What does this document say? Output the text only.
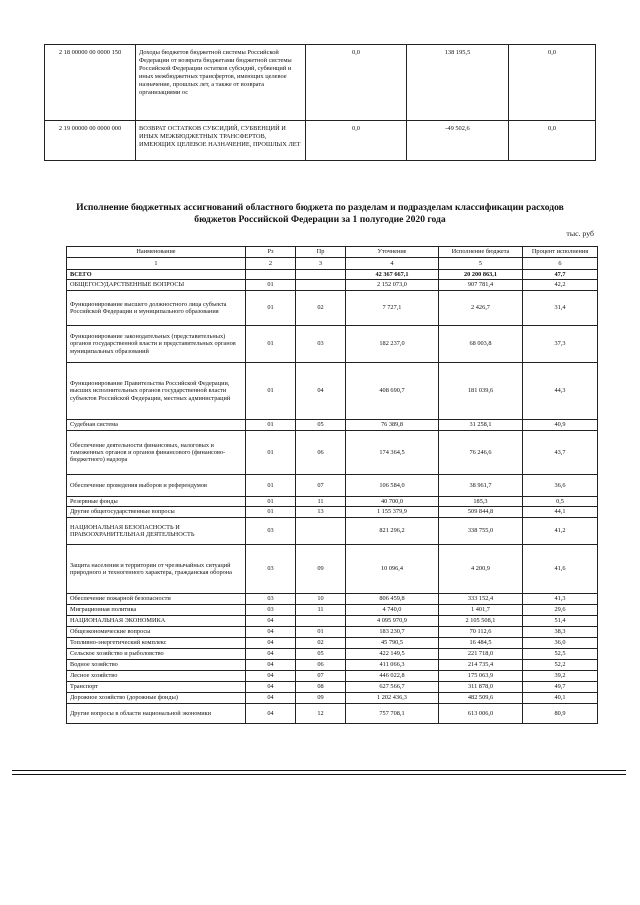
2 18 00000 00 0000 150	Доходы бюджетов бюджетной системы Российской Федерации от возврата бюджетами бюджетной системы Российской Федерации остатков субсидий, субвенций и иных межбюджетных трансфертов, имеющих целевое назначение, прошлых лет, а также от возврата организациями ос	0,0	138 195,5	0,0
2 19 00000 00 0000 000	ВОЗВРАТ ОСТАТКОВ СУБСИДИЙ, СУБВЕНЦИЙ И ИНЫХ МЕЖБЮДЖЕТНЫХ ТРАНСФЕРТОВ, ИМЕЮЩИХ ЦЕЛЕВОЕ НАЗНАЧЕНИЕ, ПРОШЛЫХ ЛЕТ	0,0	-49 502,6	0,0
Исполнение бюджетных ассигнований областного бюджета по разделам и подразделам классификации расходов бюджетов Российской Федерации за 1 полугодие 2020 года
тыс. руб
Наименование	Рз	Пр	Уточнение	Исполнение бюджета	Процент исполнения
1	2	3	4	5	6
ВСЕГО			42 367 667,1	20 200 863,1	47,7
ОБЩЕГОСУДАРСТВЕННЫЕ ВОПРОСЫ	01		2 152 073,0	907 781,4	42,2
Функционирование высшего должностного лица субъекта Российской Федерации и муниципального образования	01	02	7 727,1	2 426,7	31,4
Функционирование законодательных (представительных) органов государственной власти и представительных органов муниципальных образований	01	03	182 237,0	68 003,8	37,3
Функционирование Правительства Российской Федерации, высших исполнительных органов государственной власти субъектов Российской Федерации, местных администраций	01	04	408 690,7	181 039,6	44,3
Судебная система	01	05	76 389,8	31 258,1	40,9
Обеспечение деятельности финансовых, налоговых и таможенных органов и органов финансового (финансово-бюджетного) надзора	01	06	174 364,5	76 246,6	43,7
Обеспечение проведения выборов и референдумов	01	07	106 584,0	38 961,7	36,6
Резервные фонды	01	11	40 700,0	185,3	0,5
Другие общегосударственные вопросы	01	13	1 155 379,9	509 844,8	44,1
НАЦИОНАЛЬНАЯ БЕЗОПАСНОСТЬ И ПРАВООХРАНИТЕЛЬНАЯ ДЕЯТЕЛЬНОСТЬ	03		821 296,2	338 755,0	41,2
Защита населения и территории от чрезвычайных ситуаций природного и техногенного характера, гражданская оборона	03	09	10 096,4	4 200,9	41,6
Обеспечение пожарной безопасности	03	10	806 459,8	333 152,4	41,3
Миграционная политика	03	11	4 740,0	1 401,7	29,6
НАЦИОНАЛЬНАЯ ЭКОНОМИКА	04		4 095 970,9	2 105 508,1	51,4
Общеэкономические вопросы	04	01	183 230,7	70 112,6	38,3
Топливно-энергетический комплекс	04	02	45 790,5	16 484,5	36,0
Сельское хозяйство и рыболовство	04	05	422 149,5	221 718,0	52,5
Водное хозяйство	04	06	411 066,3	214 735,4	52,2
Лесное хозяйство	04	07	446 022,8	175 063,9	39,2
Транспорт	04	08	627 566,7	311 878,0	49,7
Дорожное хозяйство (дорожные фонды)	04	09	1 202 436,3	482 509,6	40,1
Другие вопросы в области национальной экономики	04	12	757 708,1	613 006,0	80,9
